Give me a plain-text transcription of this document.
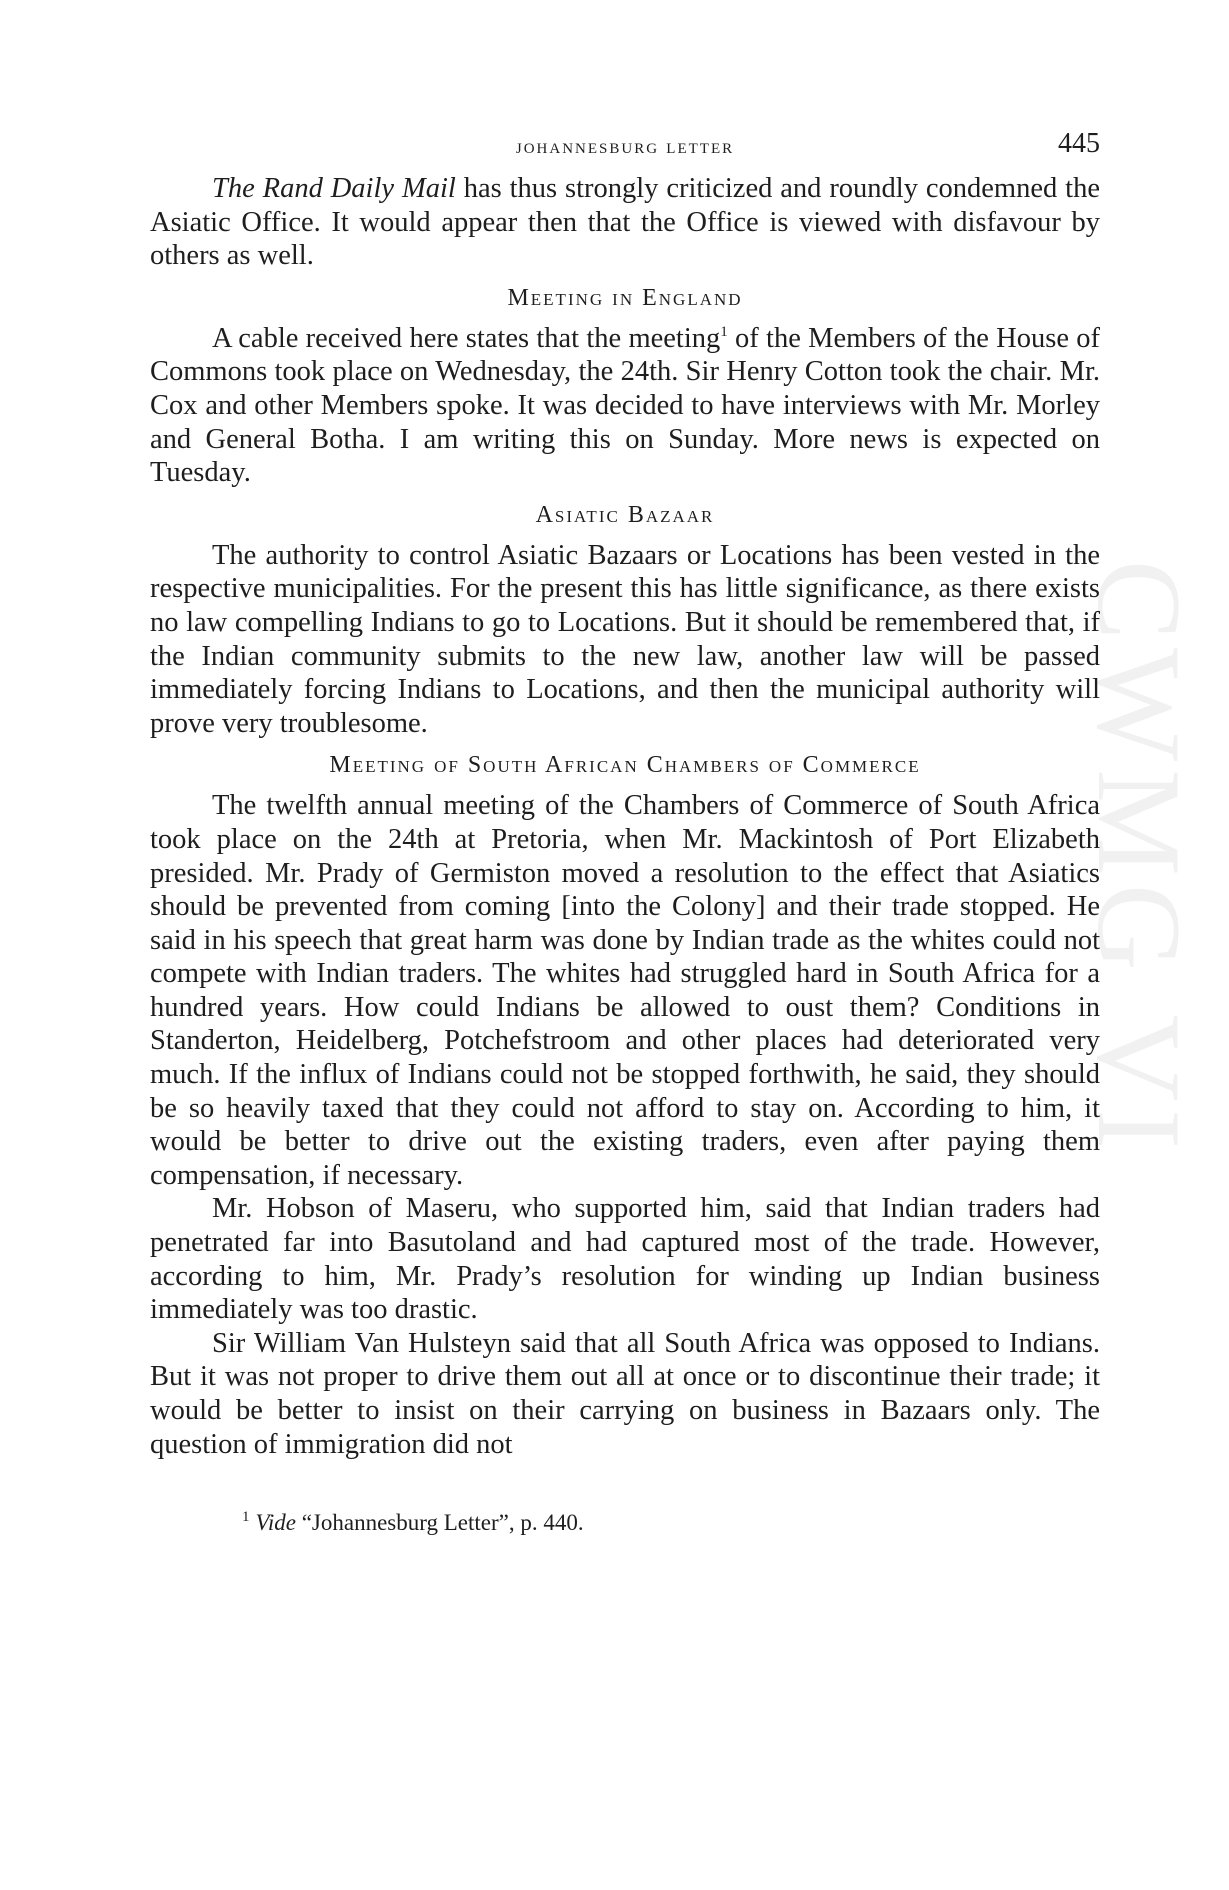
CWMG VI
johannesburg letter	445

The Rand Daily Mail has thus strongly criticized and roundly condemned the Asiatic Office. It would appear then that the Office is viewed with disfavour by others as well.

Meeting in England

A cable received here states that the meeting$^1$ of the Members of the House of Commons took place on Wednesday, the 24th. Sir Henry Cotton took the chair. Mr. Cox and other Members spoke. It was decided to have interviews with Mr. Morley and General Botha. I am writing this on Sunday. More news is expected on Tuesday.

Asiatic Bazaar

The authority to control Asiatic Bazaars or Locations has been vested in the respective municipalities. For the present this has little significance, as there exists no law compelling Indians to go to Locations. But it should be remembered that, if the Indian community submits to the new law, another law will be passed immediately forcing Indians to Locations, and then the municipal authority will prove very troublesome.

Meeting of South African Chambers of Commerce

The twelfth annual meeting of the Chambers of Commerce of South Africa took place on the 24th at Pretoria, when Mr. Mackintosh of Port Elizabeth presided. Mr. Prady of Germiston moved a resolution to the effect that Asiatics should be prevented from coming [into the Colony] and their trade stopped. He said in his speech that great harm was done by Indian trade as the whites could not compete with Indian traders. The whites had struggled hard in South Africa for a hundred years. How could Indians be allowed to oust them? Conditions in Standerton, Heidelberg, Potchefstroom and other places had deteriorated very much. If the influx of Indians could not be stopped forthwith, he said, they should be so heavily taxed that they could not afford to stay on. According to him, it would be better to drive out the existing traders, even after paying them compensation, if necessary.

Mr. Hobson of Maseru, who supported him, said that Indian traders had penetrated far into Basutoland and had captured most of the trade. However, according to him, Mr. Prady’s resolution for winding up Indian business immediately was too drastic.

Sir William Van Hulsteyn said that all South Africa was opposed to Indians. But it was not proper to drive them out all at once or to discontinue their trade; it would be better to insist on their carrying on business in Bazaars only. The question of immigration did not

$^1$ Vide “Johannesburg Letter”, p. 440.
